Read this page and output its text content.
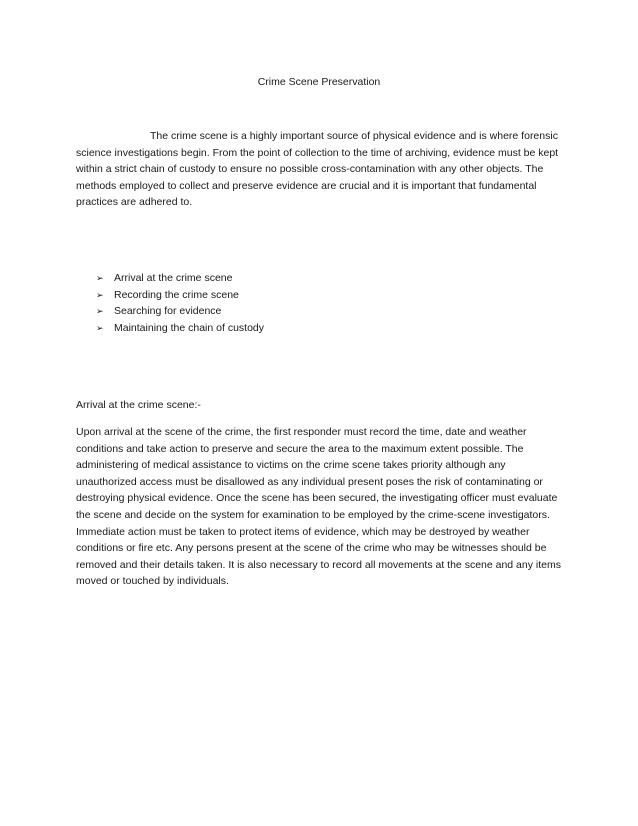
Crime Scene Preservation

The crime scene is a highly important source of physical evidence and is where forensic science investigations begin. From the point of collection to the time of archiving, evidence must be kept within a strict chain of custody to ensure no possible cross-contamination with any other objects. The methods employed to collect and preserve evidence are crucial and it is important that fundamental practices are adhered to.

➢ Arrival at the crime scene
➢ Recording the crime scene
➢ Searching for evidence
➢ Maintaining the chain of custody

Arrival at the crime scene:-

Upon arrival at the scene of the crime, the first responder must record the time, date and weather conditions and take action to preserve and secure the area to the maximum extent possible. The administering of medical assistance to victims on the crime scene takes priority although any unauthorized access must be disallowed as any individual present poses the risk of contaminating or destroying physical evidence. Once the scene has been secured, the investigating officer must evaluate the scene and decide on the system for examination to be employed by the crime-scene investigators. Immediate action must be taken to protect items of evidence, which may be destroyed by weather conditions or fire etc. Any persons present at the scene of the crime who may be witnesses should be removed and their details taken. It is also necessary to record all movements at the scene and any items moved or touched by individuals.
